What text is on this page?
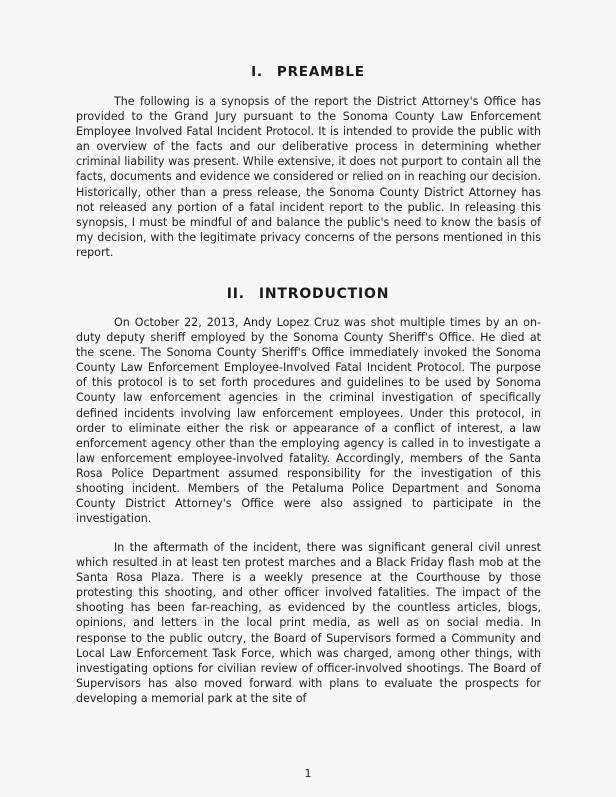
I. PREAMBLE

The following is a synopsis of the report the District Attorney's Office has provided to the Grand Jury pursuant to the Sonoma County Law Enforcement Employee Involved Fatal Incident Protocol. It is intended to provide the public with an overview of the facts and our deliberative process in determining whether criminal liability was present. While extensive, it does not purport to contain all the facts, documents and evidence we considered or relied on in reaching our decision. Historically, other than a press release, the Sonoma County District Attorney has not released any portion of a fatal incident report to the public. In releasing this synopsis, I must be mindful of and balance the public's need to know the basis of my decision, with the legitimate privacy concerns of the persons mentioned in this report.

II. INTRODUCTION

On October 22, 2013, Andy Lopez Cruz was shot multiple times by an on-duty deputy sheriff employed by the Sonoma County Sheriff's Office. He died at the scene. The Sonoma County Sheriff's Office immediately invoked the Sonoma County Law Enforcement Employee-Involved Fatal Incident Protocol. The purpose of this protocol is to set forth procedures and guidelines to be used by Sonoma County law enforcement agencies in the criminal investigation of specifically defined incidents involving law enforcement employees. Under this protocol, in order to eliminate either the risk or appearance of a conflict of interest, a law enforcement agency other than the employing agency is called in to investigate a law enforcement employee-involved fatality. Accordingly, members of the Santa Rosa Police Department assumed responsibility for the investigation of this shooting incident. Members of the Petaluma Police Department and Sonoma County District Attorney's Office were also assigned to participate in the investigation.

In the aftermath of the incident, there was significant general civil unrest which resulted in at least ten protest marches and a Black Friday flash mob at the Santa Rosa Plaza. There is a weekly presence at the Courthouse by those protesting this shooting, and other officer involved fatalities. The impact of the shooting has been far-reaching, as evidenced by the countless articles, blogs, opinions, and letters in the local print media, as well as on social media. In response to the public outcry, the Board of Supervisors formed a Community and Local Law Enforcement Task Force, which was charged, among other things, with investigating options for civilian review of officer-involved shootings. The Board of Supervisors has also moved forward with plans to evaluate the prospects for developing a memorial park at the site of

1
